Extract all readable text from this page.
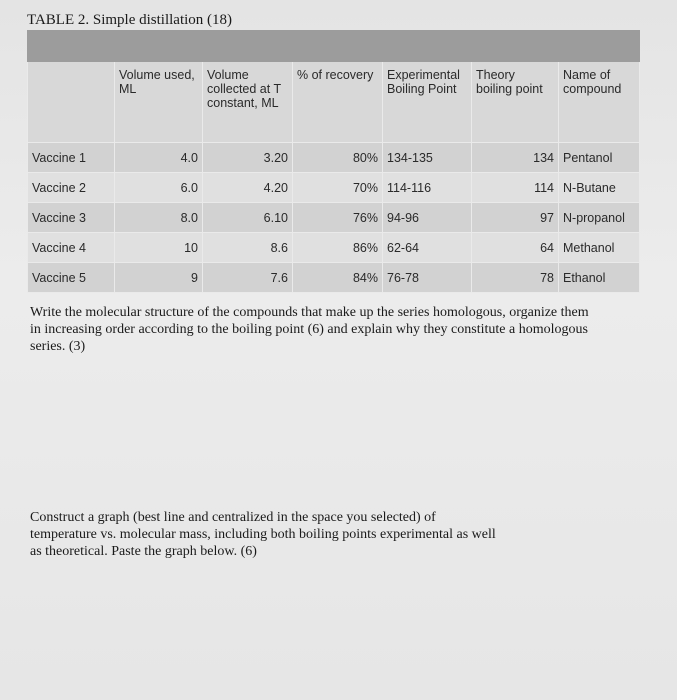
TABLE 2. Simple distillation (18)

	Volume used, ML	Volume collected at T constant, ML	% of recovery	Experimental Boiling Point	Theory boiling point	Name of compound
Vaccine 1	4.0	3.20	80%	134-135	134	Pentanol
Vaccine 2	6.0	4.20	70%	114-116	114	N-Butane
Vaccine 3	8.0	6.10	76%	94-96	97	N-propanol
Vaccine 4	10	8.6	86%	62-64	64	Methanol
Vaccine 5	9	7.6	84%	76-78	78	Ethanol
Write the molecular structure of the compounds that make up the series homologous, organize them in increasing order according to the boiling point (6) and explain why they constitute a homologous series. (3)
Construct a graph (best line and centralized in the space you selected) of temperature vs. molecular mass, including both boiling points experimental as well as theoretical. Paste the graph below. (6)
